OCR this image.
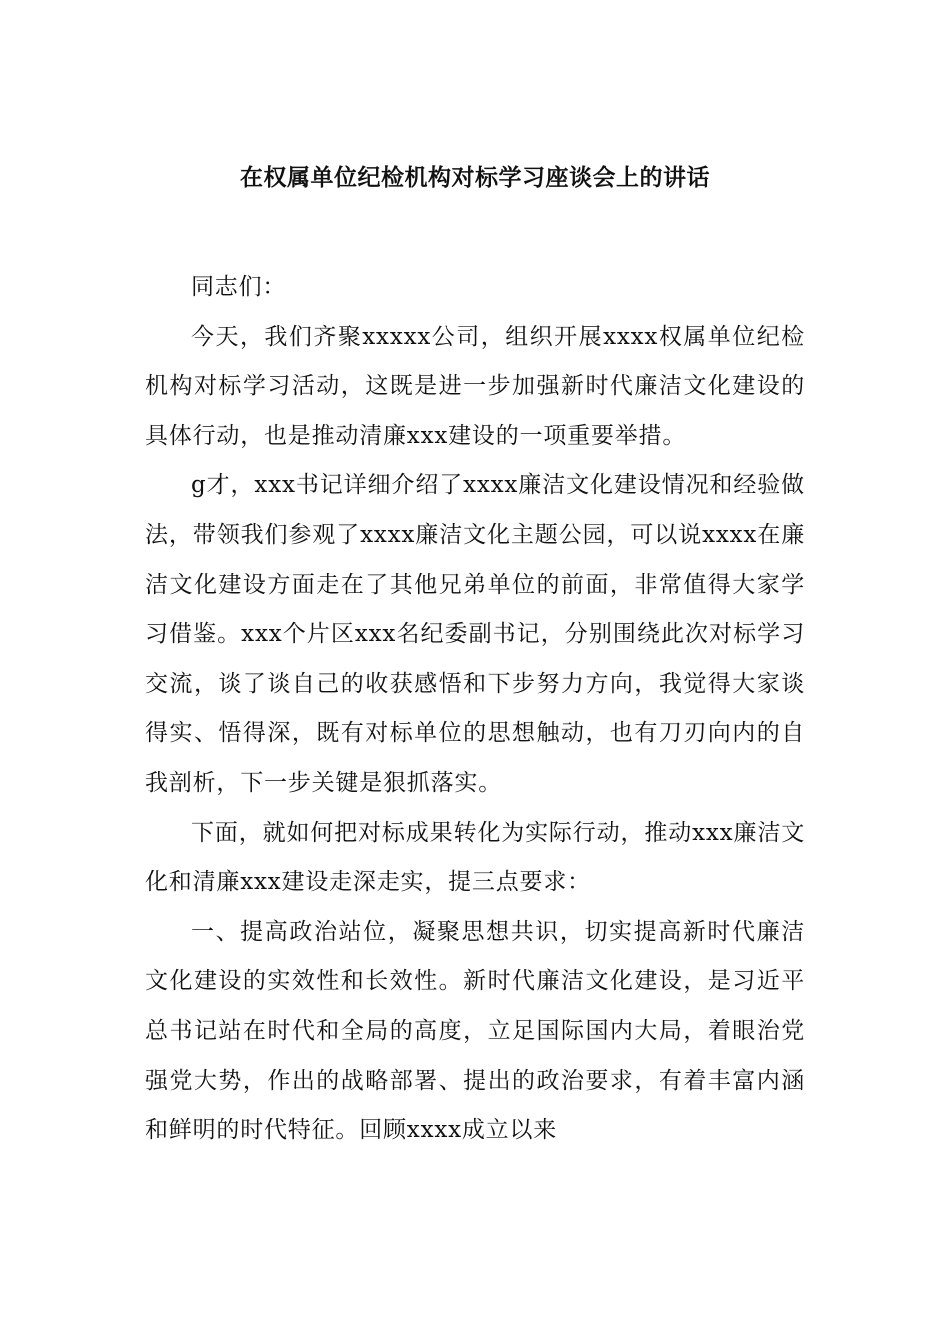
在权属单位纪检机构对标学习座谈会上的讲话

同志们：

今天，我们齐聚xxxxx公司，组织开展xxxx权属单位纪检机构对标学习活动，这既是进一步加强新时代廉洁文化建设的具体行动，也是推动清廉xxx建设的一项重要举措。

g才，xxx书记详细介绍了xxxx廉洁文化建设情况和经验做法，带领我们参观了xxxx廉洁文化主题公园，可以说xxxx在廉洁文化建设方面走在了其他兄弟单位的前面，非常值得大家学习借鉴。xxx个片区xxx名纪委副书记，分别围绕此次对标学习交流，谈了谈自己的收获感悟和下步努力方向，我觉得大家谈得实、悟得深，既有对标单位的思想触动，也有刀刃向内的自我剖析，下一步关键是狠抓落实。

下面，就如何把对标成果转化为实际行动，推动xxx廉洁文化和清廉xxx建设走深走实，提三点要求：

一、提高政治站位，凝聚思想共识，切实提高新时代廉洁文化建设的实效性和长效性。新时代廉洁文化建设，是习近平总书记站在时代和全局的高度，立足国际国内大局，着眼治党强党大势，作出的战略部署、提出的政治要求，有着丰富内涵和鲜明的时代特征。回顾xxxx成立以来
